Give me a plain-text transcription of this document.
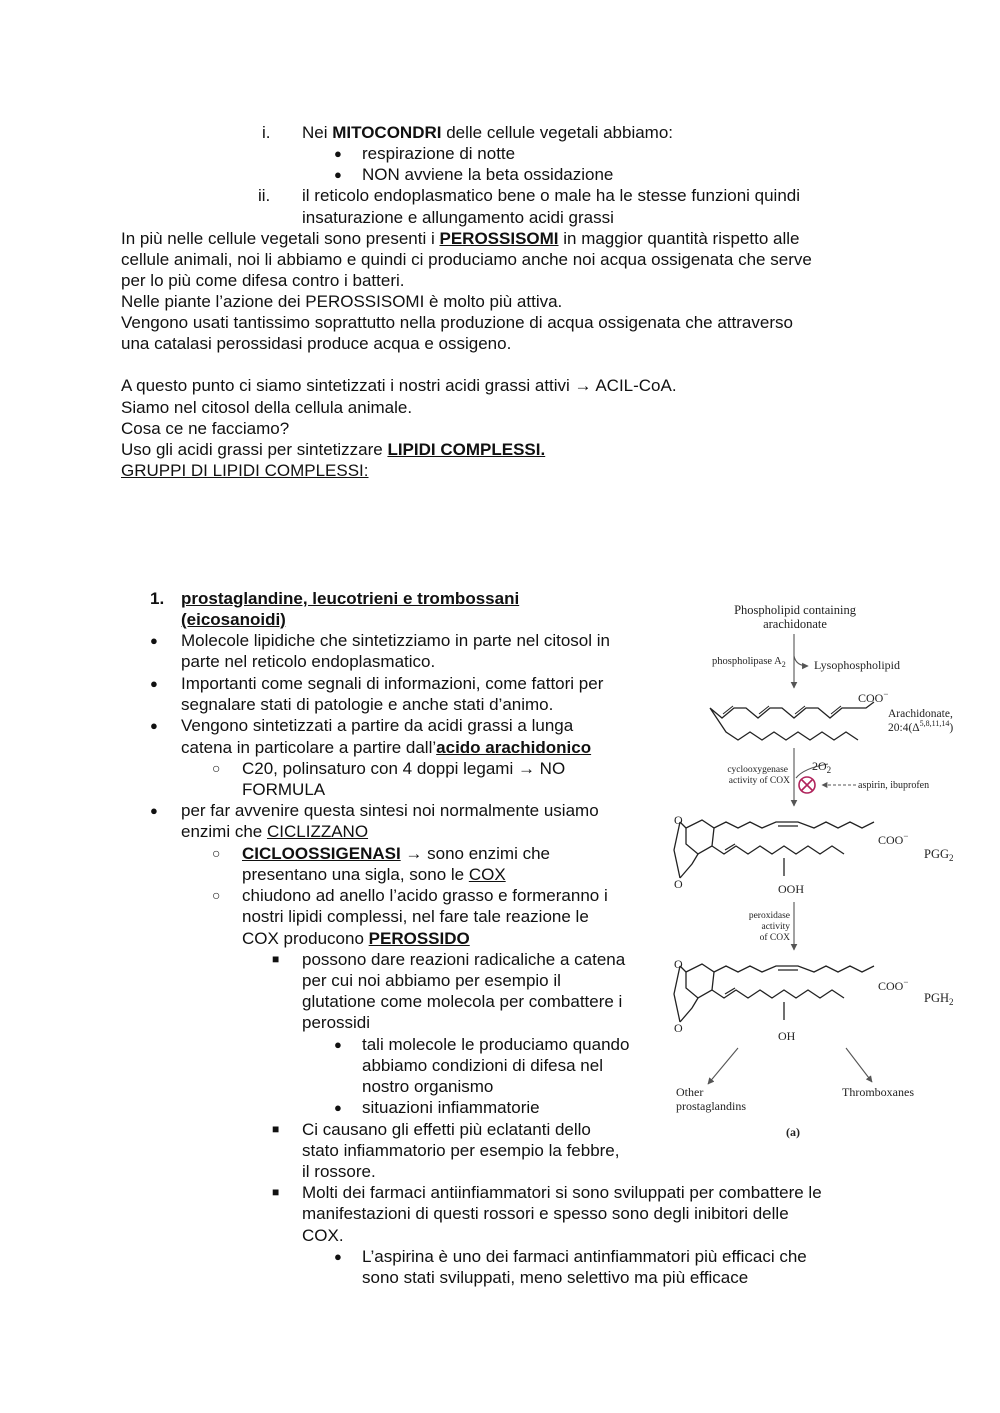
i. Nei MITOCONDRI delle cellule vegetali abbiamo:
● respirazione di notte
● NON avviene la beta ossidazione
ii. il reticolo endoplasmatico bene o male ha le stesse funzioni quindi
insaturazione e allungamento acidi grassi
In più nelle cellule vegetali sono presenti i PEROSSISOMI in maggior quantità rispetto alle
cellule animali, noi li abbiamo e quindi ci produciamo anche noi acqua ossigenata che serve
per lo più come difesa contro i batteri.
Nelle piante l’azione dei PEROSSISOMI è molto più attiva.
Vengono usati tantissimo soprattutto nella produzione di acqua ossigenata che attraverso
una catalasi perossidasi produce acqua e ossigeno.
A questo punto ci siamo sintetizzati i nostri acidi grassi attivi → ACIL-CoA.
Siamo nel citosol della cellula animale.
Cosa ce ne facciamo?
Uso gli acidi grassi per sintetizzare LIPIDI COMPLESSI.
GRUPPI DI LIPIDI COMPLESSI:
1. prostaglandine, leucotrieni e trombossani
(eicosanoidi)
● Molecole lipidiche che sintetizziamo in parte nel citosol in
parte nel reticolo endoplasmatico.
● Importanti come segnali di informazioni, come fattori per
segnalare stati di patologie e anche stati d’animo.
● Vengono sintetizzati a partire da acidi grassi a lunga
catena in particolare a partire dall’acido arachidonico
○ C20, polinsaturo con 4 doppi legami → NO
FORMULA
● per far avvenire questa sintesi noi normalmente usiamo
enzimi che CICLIZZANO
○ CICLOOSSIGENASI → sono enzimi che
presentano una sigla, sono le COX
○ chiudono ad anello l’acido grasso e formeranno i
nostri lipidi complessi, nel fare tale reazione le
COX producono PEROSSIDO
■ possono dare reazioni radicaliche a catena
per cui noi abbiamo per esempio il
glutatione come molecola per combattere i
perossidi
● tali molecole le produciamo quando
abbiamo condizioni di difesa nel
nostro organismo
● situazioni infiammatorie
■ Ci causano gli effetti più eclatanti dello
stato infiammatorio per esempio la febbre,
il rossore.
■ Molti dei farmaci antiinfiammatori si sono sviluppati per combattere le
manifestazioni di questi rossori e spesso sono degli inibitori delle
COX.
● L’aspirina è uno dei farmaci antinfiammatori più efficaci che
sono stati sviluppati, meno selettivo ma più efficace
Phospholipid containing
arachidonate
phospholipase $A_2$ Lysophospholipid
COO−
Arachidonate,
$20:4(\Delta^{5,8,11,14})$
cyclooxygenase
activity of COX
$2O_2$
aspirin, ibuprofen
O
O
COO−
$PGG_2$
OOH
peroxidase
activity
of COX
O
O
COO−
$PGH_2$
OH
Other
prostaglandins
Thromboxanes
(a)
